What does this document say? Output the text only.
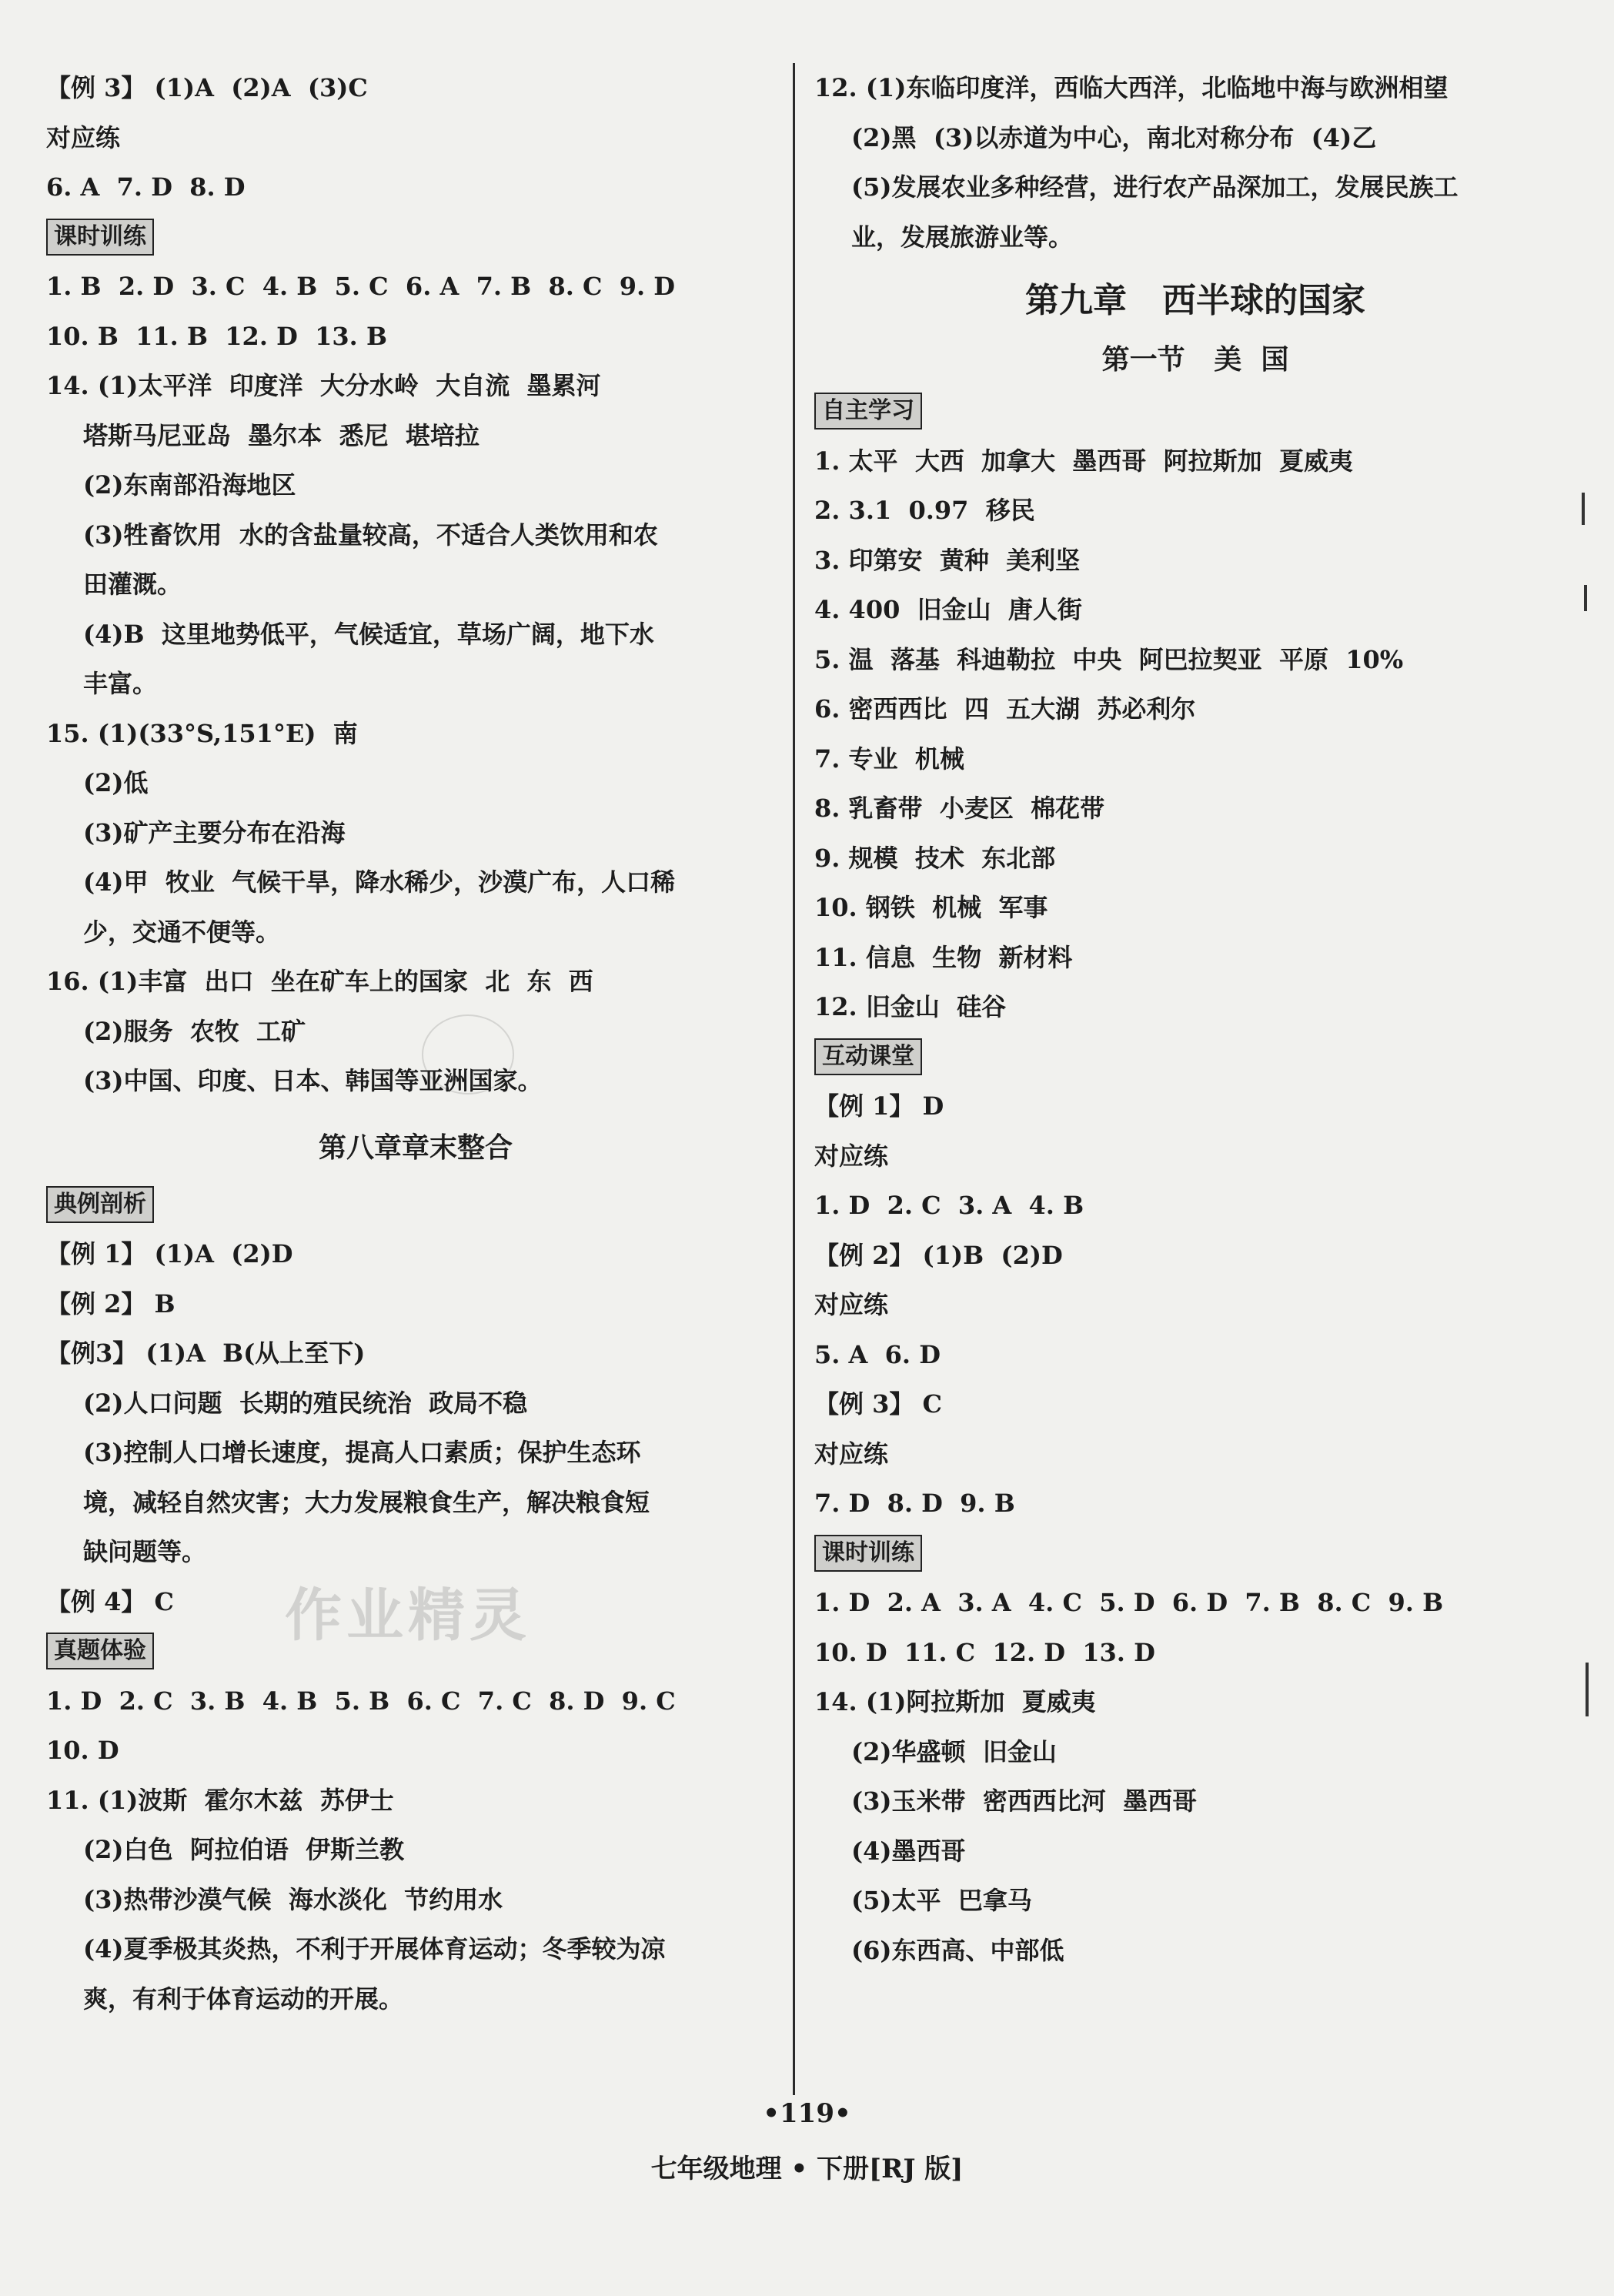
【例 3】 (1)A  (2)A  (3)C
对应练
6. A  7. D  8. D
课时训练
1. B  2. D  3. C  4. B  5. C  6. A  7. B  8. C  9. D
10. B  11. B  12. D  13. B
14. (1)太平洋  印度洋  大分水岭  大自流  墨累河
塔斯马尼亚岛  墨尔本  悉尼  堪培拉
(2)东南部沿海地区
(3)牲畜饮用  水的含盐量较高，不适合人类饮用和农
田灌溉。
(4)B  这里地势低平，气候适宜，草场广阔，地下水
丰富。
15. (1)(33°S,151°E)  南
(2)低
(3)矿产主要分布在沿海
(4)甲  牧业  气候干旱，降水稀少，沙漠广布，人口稀
少，交通不便等。
16. (1)丰富  出口  坐在矿车上的国家  北  东  西
(2)服务  农牧  工矿
(3)中国、印度、日本、韩国等亚洲国家。
第八章章末整合
典例剖析
【例 1】 (1)A  (2)D
【例 2】 B
【例3】 (1)A  B(从上至下)
(2)人口问题  长期的殖民统治  政局不稳
(3)控制人口增长速度，提高人口素质；保护生态环
境，减轻自然灾害；大力发展粮食生产，解决粮食短
缺问题等。
【例 4】 C
真题体验
1. D  2. C  3. B  4. B  5. B  6. C  7. C  8. D  9. C
10. D
11. (1)波斯  霍尔木兹  苏伊士
(2)白色  阿拉伯语  伊斯兰教
(3)热带沙漠气候  海水淡化  节约用水
(4)夏季极其炎热，不利于开展体育运动；冬季较为凉
爽，有利于体育运动的开展。
12. (1)东临印度洋，西临大西洋，北临地中海与欧洲相望
(2)黑  (3)以赤道为中心，南北对称分布  (4)乙
(5)发展农业多种经营，进行农产品深加工，发展民族工
业，发展旅游业等。
第九章   西半球的国家
第一节   美  国
自主学习
1. 太平  大西  加拿大  墨西哥  阿拉斯加  夏威夷
2. 3.1  0.97  移民
3. 印第安  黄种  美利坚
4. 400  旧金山  唐人街
5. 温  落基  科迪勒拉  中央  阿巴拉契亚  平原  10%
6. 密西西比  四  五大湖  苏必利尔
7. 专业  机械
8. 乳畜带  小麦区  棉花带
9. 规模  技术  东北部
10. 钢铁  机械  军事
11. 信息  生物  新材料
12. 旧金山  硅谷
互动课堂
【例 1】 D
对应练
1. D  2. C  3. A  4. B
【例 2】 (1)B  (2)D
对应练
5. A  6. D
【例 3】 C
对应练
7. D  8. D  9. B
课时训练
1. D  2. A  3. A  4. C  5. D  6. D  7. B  8. C  9. B
10. D  11. C  12. D  13. D
14. (1)阿拉斯加  夏威夷
(2)华盛顿  旧金山
(3)玉米带  密西西比河  墨西哥
(4)墨西哥
(5)太平  巴拿马
(6)东西高、中部低
作业精灵
•119•
七年级地理 • 下册[RJ 版]
